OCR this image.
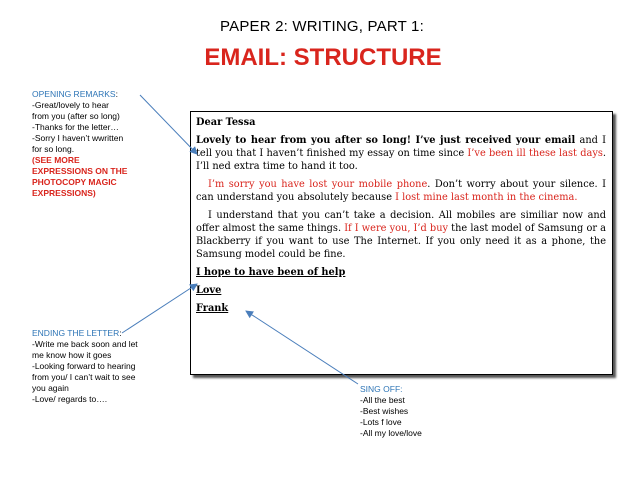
PAPER 2: WRITING, PART 1:
EMAIL: STRUCTURE
OPENING REMARKS:
-Great/lovely to hear
from you (after so long)
-Thanks for the letter…
-Sorry I haven’t wwritten
for so long.
(SEE MORE
EXPRESSIONS ON THE
PHOTOCOPY MAGIC
EXPRESSIONS)
ENDING THE LETTER:
-Write me back soon and let
me know how it goes
-Looking forward to hearing
from you/ I can’t wait to see
you again
-Love/ regards to….
SING OFF:
-All the best
-Best wishes
-Lots f love
-All my love/love

Dear Tessa

Lovely to hear from you after so long! I’ve just received your email and I tell you that I haven’t finished my essay on time since I’ve been ill these last days. I’ll ned extra time to hand it too.

I’m sorry you have lost your mobile phone. Don’t worry about your silence. I can understand you absolutely because I lost mine last month in the cinema.

I understand that you can’t take a decision. All mobiles are similiar now and offer almost the same things. If I were you, I’d buy the last model of Samsung or a Blackberry if you want to use The Internet. If you only need it as a phone, the Samsung model could be fine.

I hope to have been of help

Love

Frank
